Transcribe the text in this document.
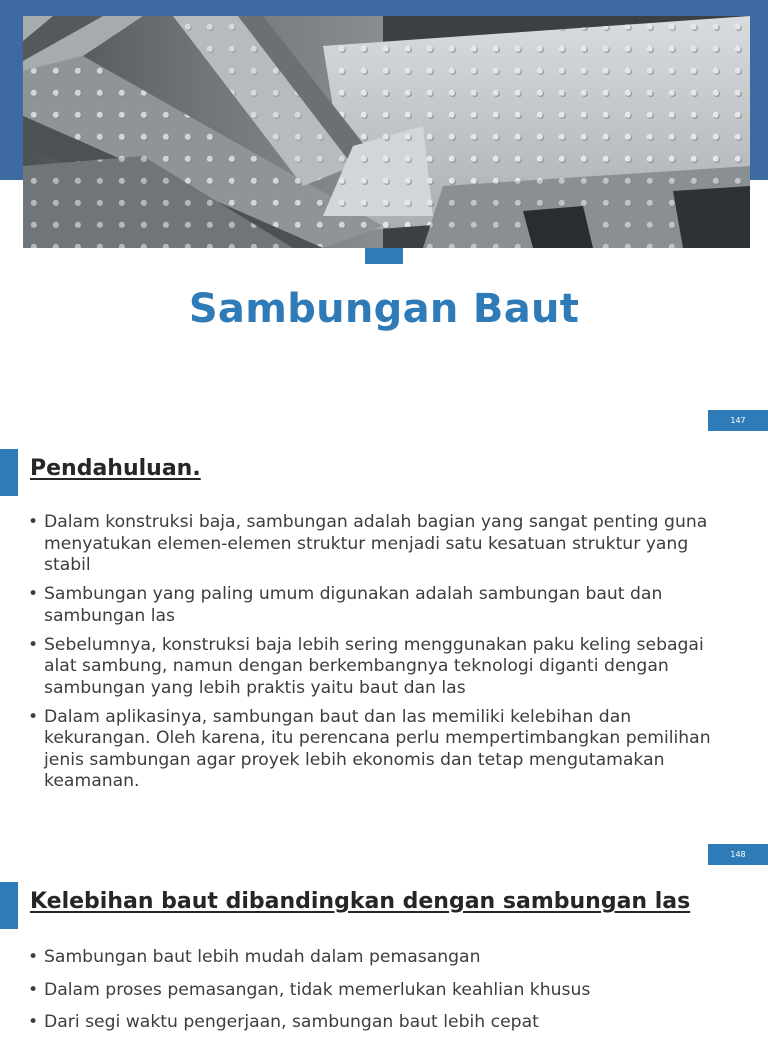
Sambungan Baut
147
Pendahuluan.
• Dalam konstruksi baja, sambungan adalah bagian yang sangat penting guna menyatukan elemen-elemen struktur menjadi satu kesatuan struktur yang stabil
• Sambungan yang paling umum digunakan adalah sambungan baut dan sambungan las
• Sebelumnya, konstruksi baja lebih sering menggunakan paku keling sebagai alat sambung, namun dengan berkembangnya teknologi diganti dengan sambungan yang lebih praktis yaitu baut dan las
• Dalam aplikasinya, sambungan baut dan las memiliki kelebihan dan kekurangan. Oleh karena, itu perencana perlu mempertimbangkan pemilihan jenis sambungan agar proyek lebih ekonomis dan tetap mengutamakan keamanan.
148
Kelebihan baut dibandingkan dengan sambungan las
• Sambungan baut lebih mudah dalam pemasangan
• Dalam proses pemasangan, tidak memerlukan keahlian khusus
• Dari segi waktu pengerjaan, sambungan baut lebih cepat
